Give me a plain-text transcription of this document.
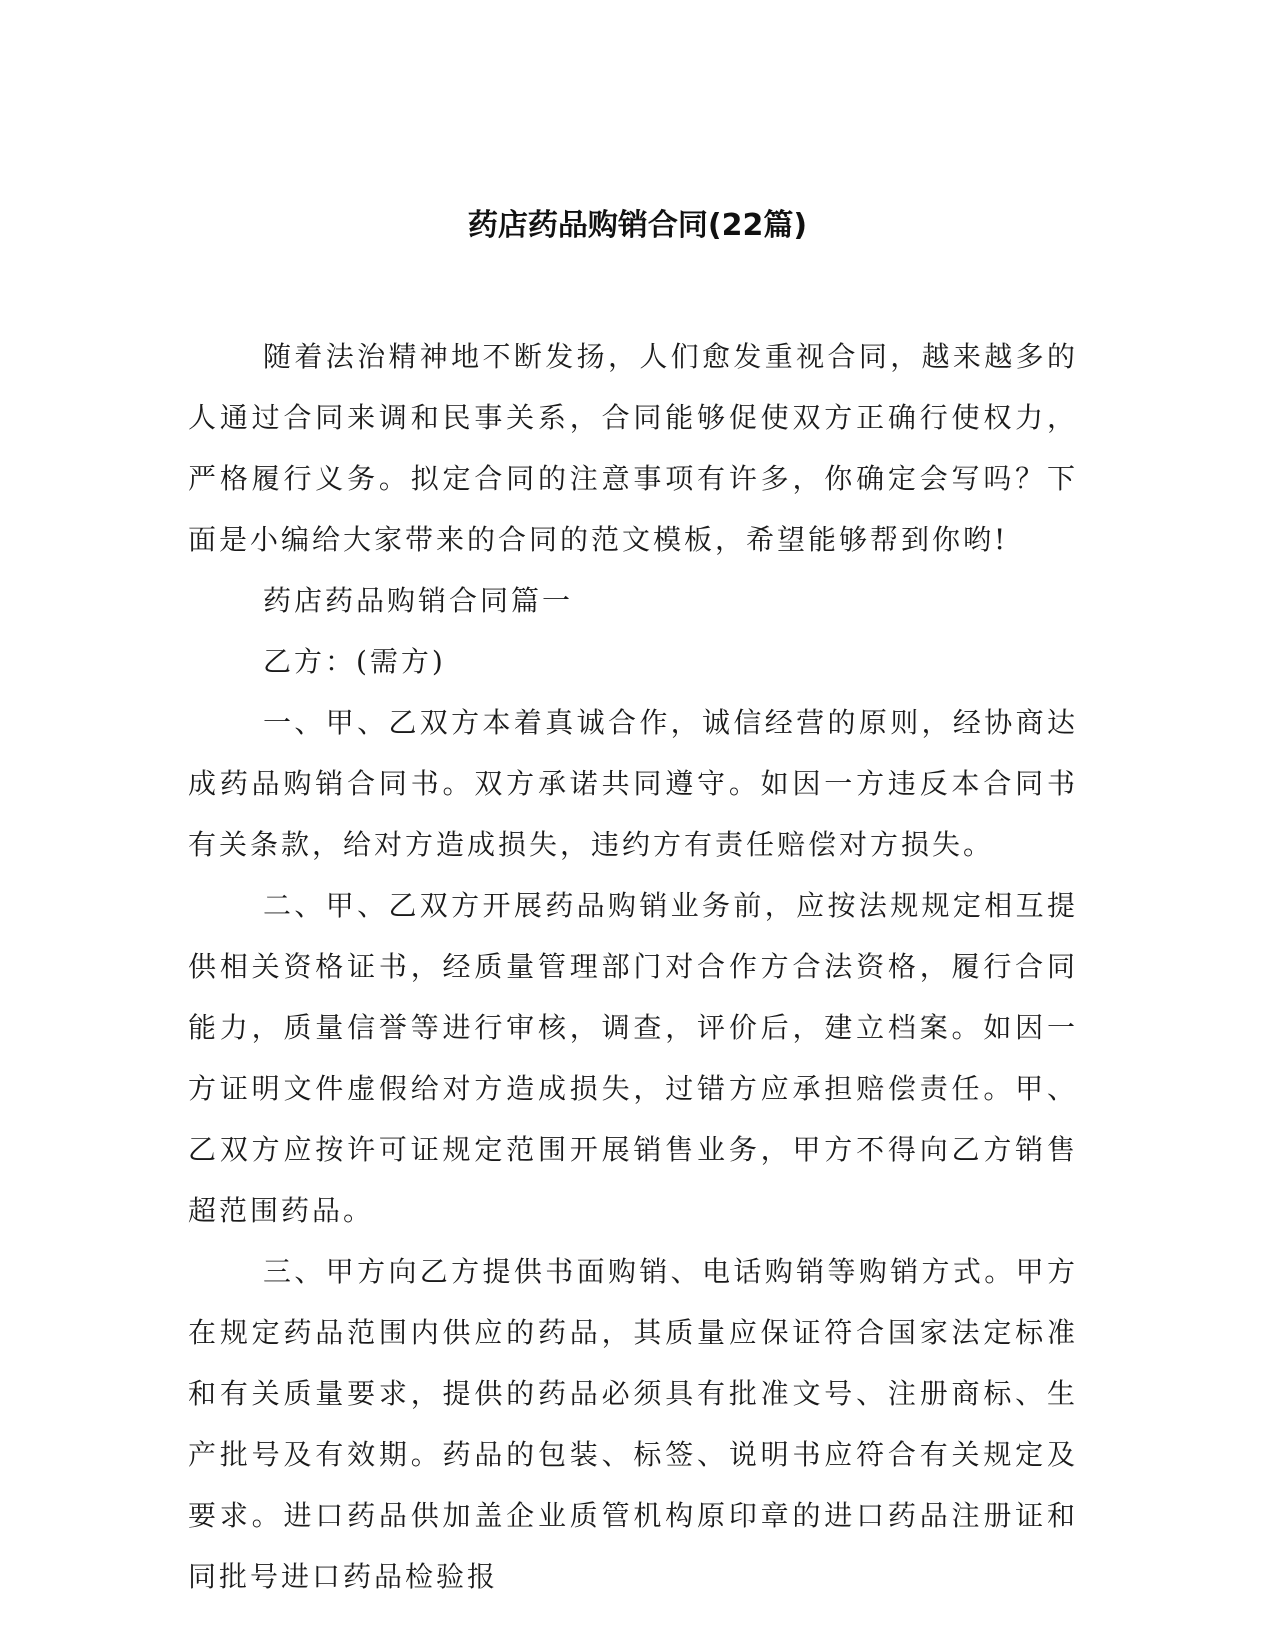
药店药品购销合同(22篇)

随着法治精神地不断发扬，人们愈发重视合同，越来越多的人通过合同来调和民事关系，合同能够促使双方正确行使权力，严格履行义务。拟定合同的注意事项有许多，你确定会写吗？下面是小编给大家带来的合同的范文模板，希望能够帮到你哟!

药店药品购销合同篇一

乙方：(需方)

一、甲、乙双方本着真诚合作，诚信经营的原则，经协商达成药品购销合同书。双方承诺共同遵守。如因一方违反本合同书有关条款，给对方造成损失，违约方有责任赔偿对方损失。

二、甲、乙双方开展药品购销业务前，应按法规规定相互提供相关资格证书，经质量管理部门对合作方合法资格，履行合同能力，质量信誉等进行审核，调查，评价后，建立档案。如因一方证明文件虚假给对方造成损失，过错方应承担赔偿责任。甲、乙双方应按许可证规定范围开展销售业务，甲方不得向乙方销售超范围药品。

三、甲方向乙方提供书面购销、电话购销等购销方式。甲方在规定药品范围内供应的药品，其质量应保证符合国家法定标准和有关质量要求，提供的药品必须具有批准文号、注册商标、生产批号及有效期。药品的包装、标签、说明书应符合有关规定及要求。进口药品供加盖企业质管机构原印章的进口药品注册证和同批号进口药品检验报
